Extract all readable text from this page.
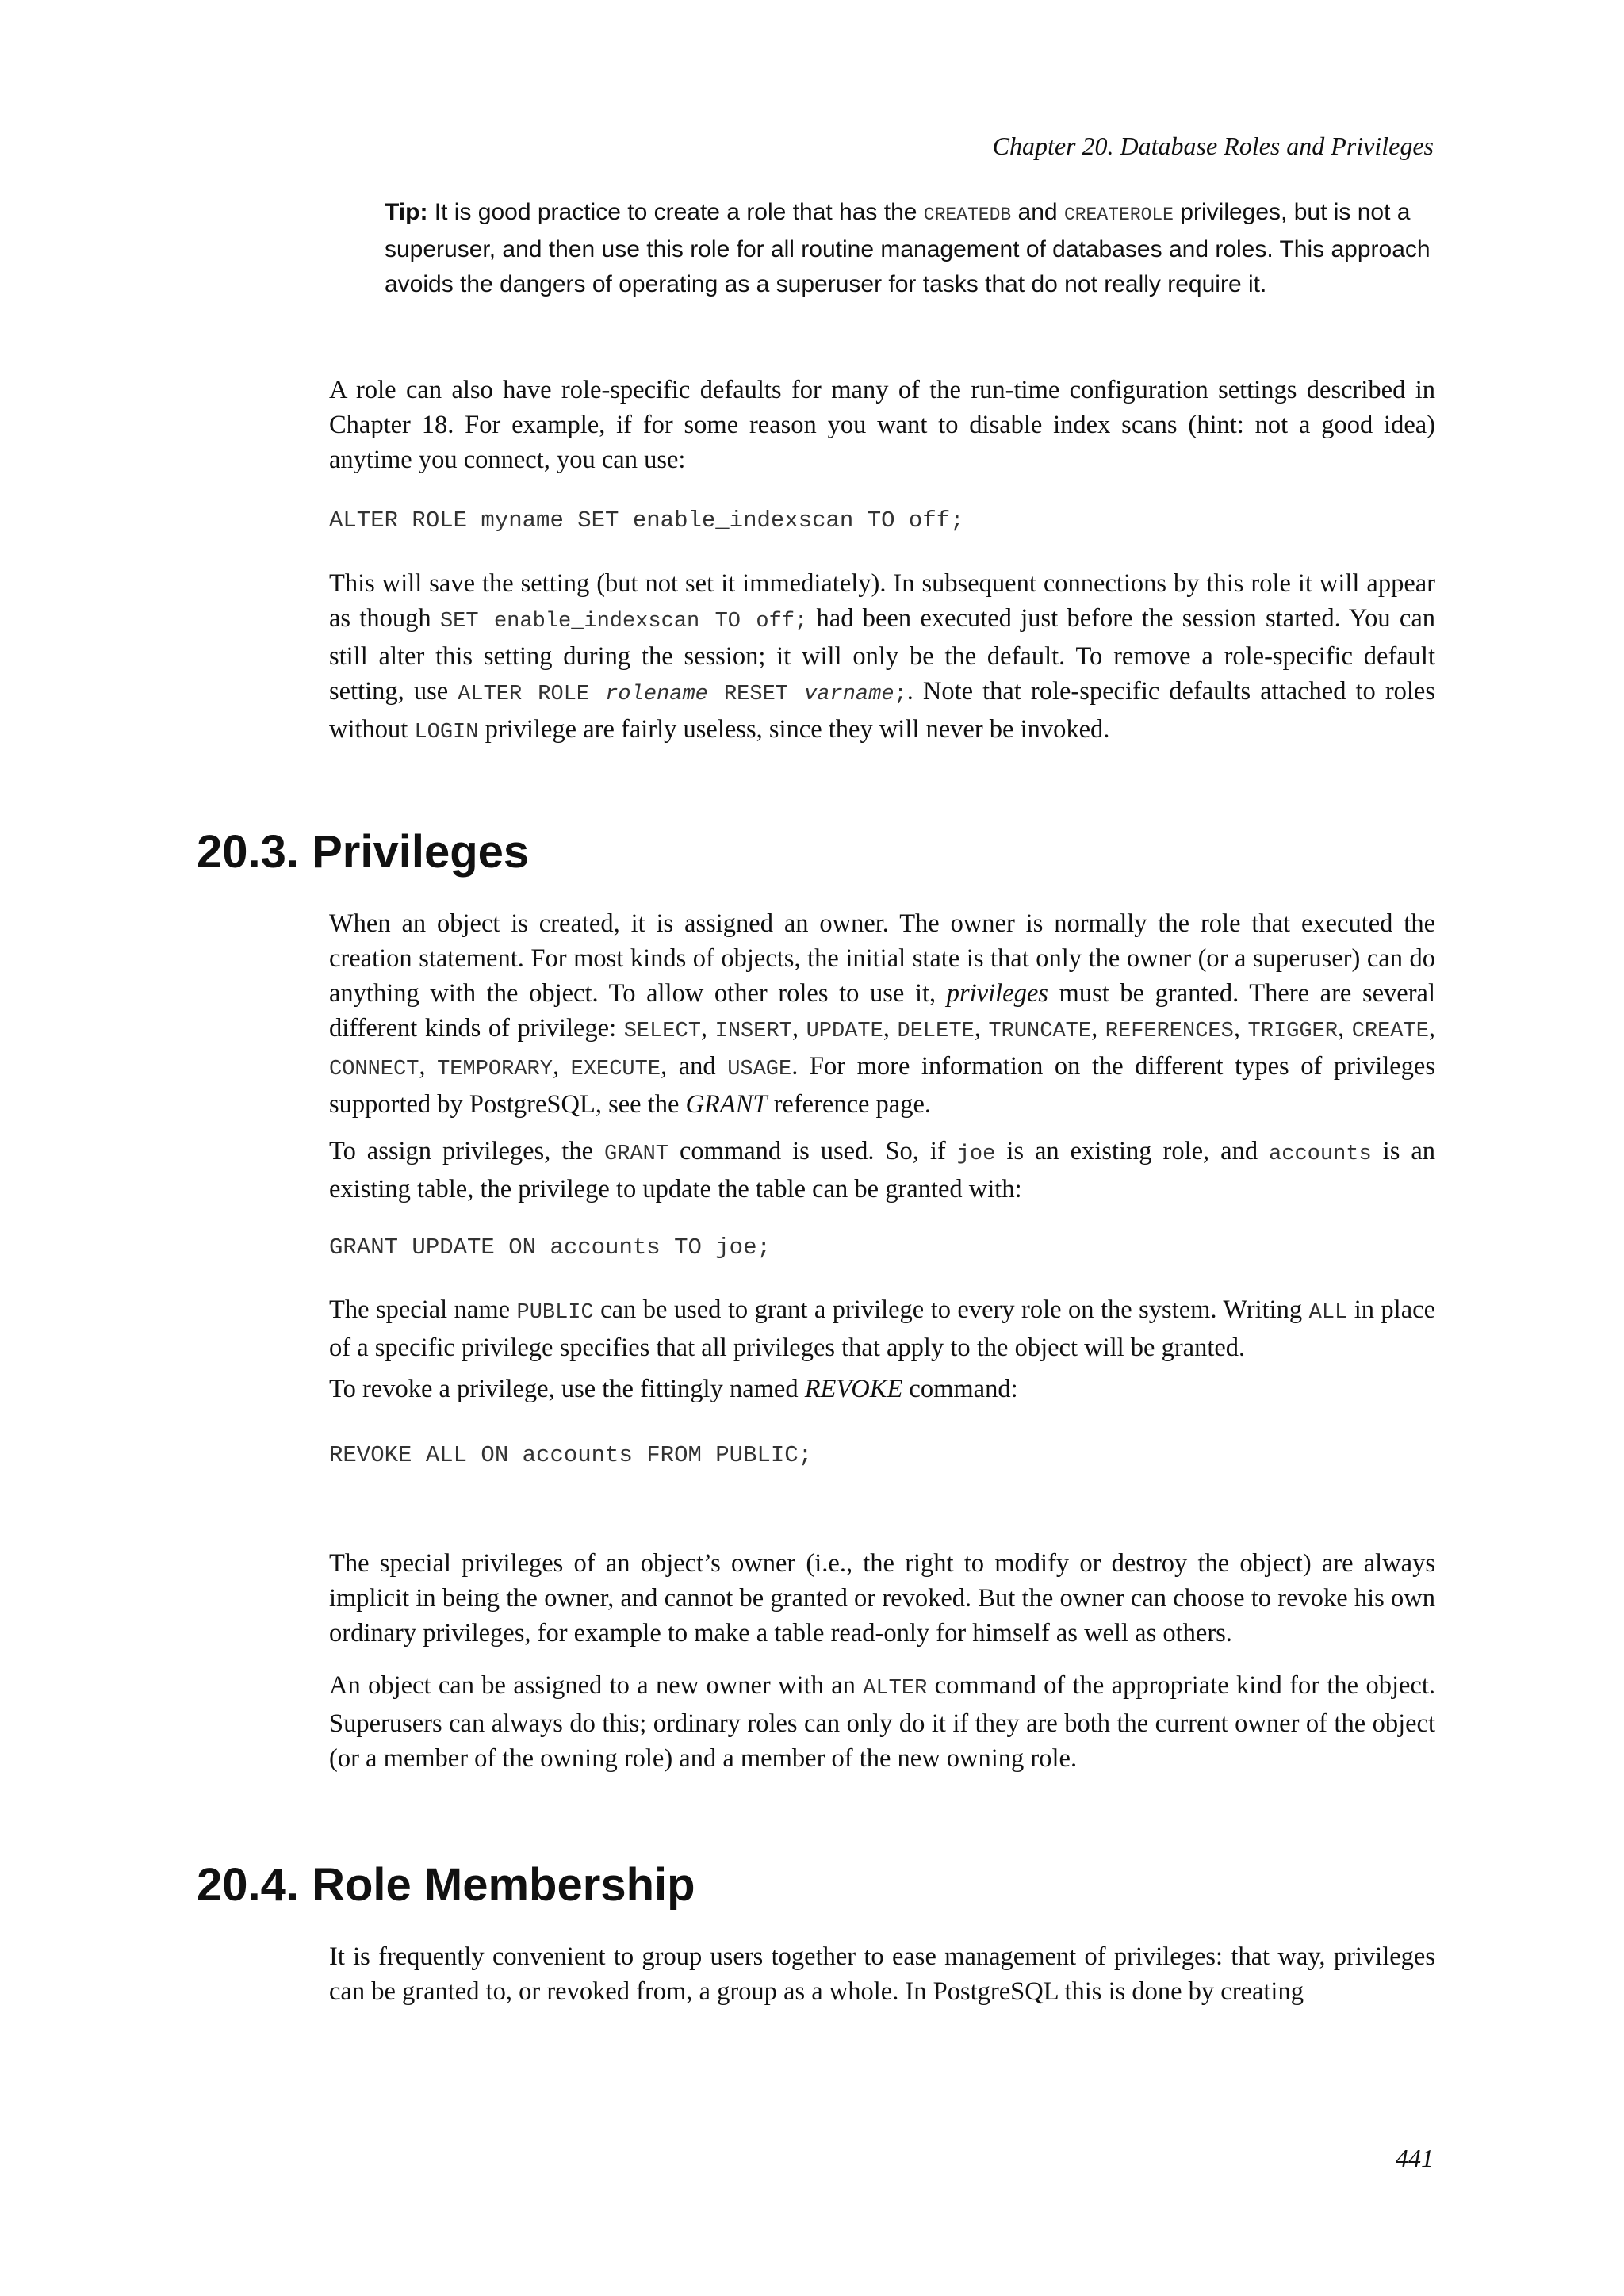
Chapter 20. Database Roles and Privileges
Tip: It is good practice to create a role that has the CREATEDB and CREATEROLE privileges, but is not a superuser, and then use this role for all routine management of databases and roles. This approach avoids the dangers of operating as a superuser for tasks that do not really require it.

A role can also have role-specific defaults for many of the run-time configuration settings described in Chapter 18. For example, if for some reason you want to disable index scans (hint: not a good idea) anytime you connect, you can use:

ALTER ROLE myname SET enable_indexscan TO off;

This will save the setting (but not set it immediately). In subsequent connections by this role it will appear as though SET enable_indexscan TO off; had been executed just before the session started. You can still alter this setting during the session; it will only be the default. To remove a role-specific default setting, use ALTER ROLE rolename RESET varname;. Note that role-specific defaults attached to roles without LOGIN privilege are fairly useless, since they will never be invoked.

20.3. Privileges

When an object is created, it is assigned an owner. The owner is normally the role that executed the creation statement. For most kinds of objects, the initial state is that only the owner (or a superuser) can do anything with the object. To allow other roles to use it, privileges must be granted. There are several different kinds of privilege: SELECT, INSERT, UPDATE, DELETE, TRUNCATE, REFERENCES, TRIGGER, CREATE, CONNECT, TEMPORARY, EXECUTE, and USAGE. For more information on the different types of privileges supported by PostgreSQL, see the GRANT reference page.

To assign privileges, the GRANT command is used. So, if joe is an existing role, and accounts is an existing table, the privilege to update the table can be granted with:

GRANT UPDATE ON accounts TO joe;

The special name PUBLIC can be used to grant a privilege to every role on the system. Writing ALL in place of a specific privilege specifies that all privileges that apply to the object will be granted.

To revoke a privilege, use the fittingly named REVOKE command:

REVOKE ALL ON accounts FROM PUBLIC;

The special privileges of an object’s owner (i.e., the right to modify or destroy the object) are always implicit in being the owner, and cannot be granted or revoked. But the owner can choose to revoke his own ordinary privileges, for example to make a table read-only for himself as well as others.

An object can be assigned to a new owner with an ALTER command of the appropriate kind for the object. Superusers can always do this; ordinary roles can only do it if they are both the current owner of the object (or a member of the owning role) and a member of the new owning role.

20.4. Role Membership

It is frequently convenient to group users together to ease management of privileges: that way, privileges can be granted to, or revoked from, a group as a whole. In PostgreSQL this is done by creating

441
